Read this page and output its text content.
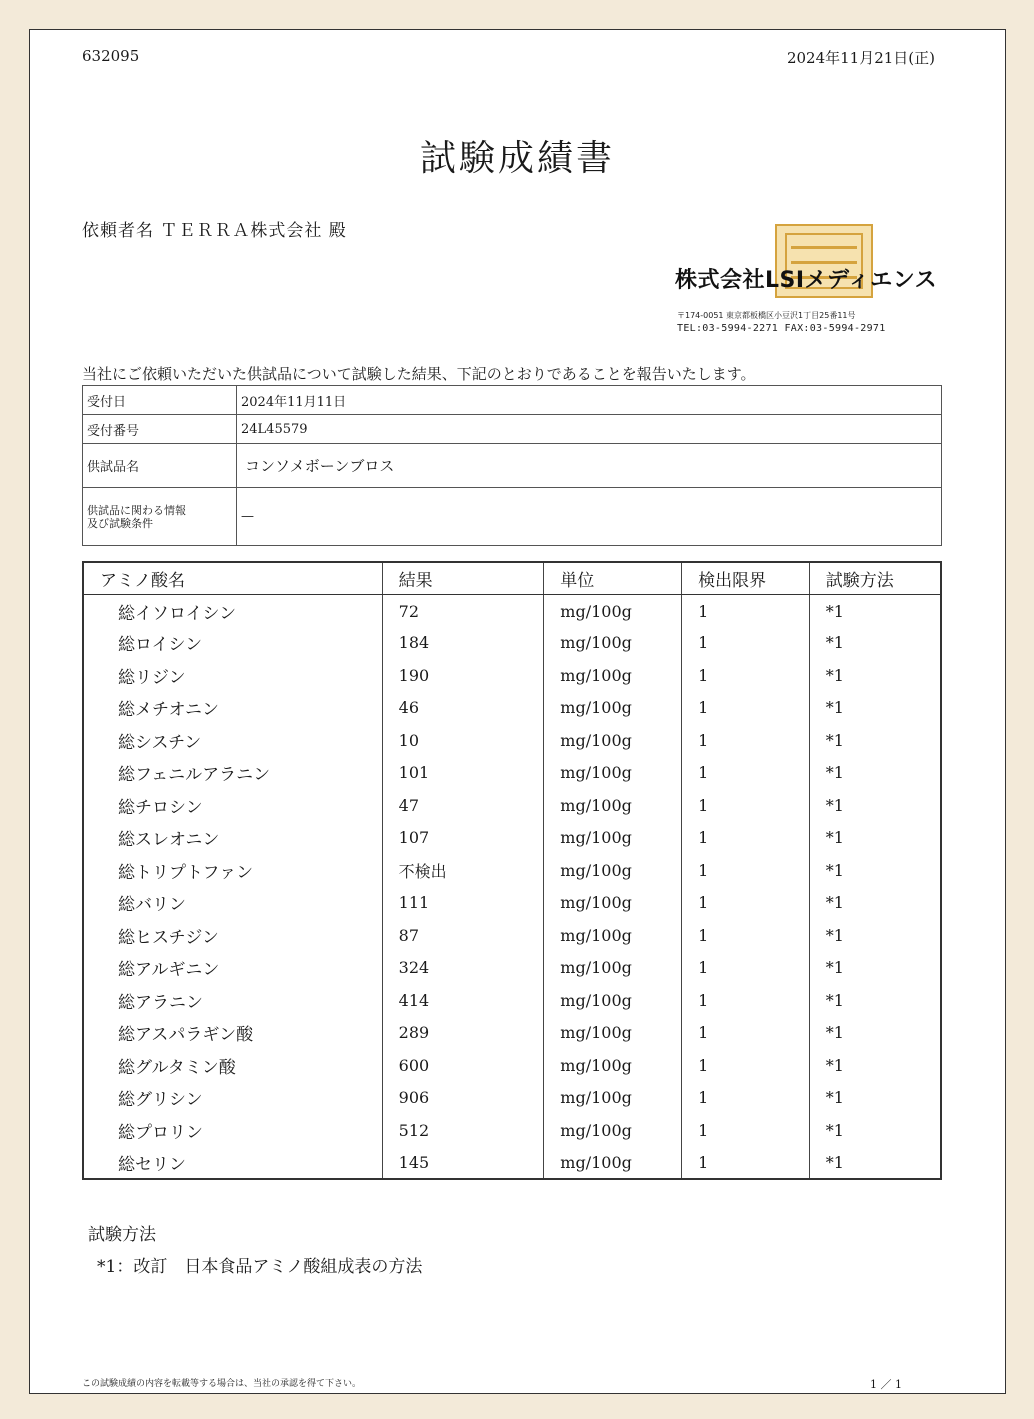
632095	2024年11月21日(正)
試験成績書
依頼者名 ＴＥＲＲＡ株式会社 殿
株式会社LSIメディエンス
〒174-0051 東京都板橋区小豆沢1丁目25番11号
TEL:03-5994-2271 FAX:03-5994-2971
当社にご依頼いただいた供試品について試験した結果、下記のとおりであることを報告いたします。
受付日	2024年11月11日
受付番号	24L45579
供試品名	コンソメボーンブロス
供試品に関わる情報
及び試験条件	—
アミノ酸名	結果	単位	検出限界	試験方法
総イソロイシン	72	mg/100g	1	*1
総ロイシン	184	mg/100g	1	*1
総リジン	190	mg/100g	1	*1
総メチオニン	46	mg/100g	1	*1
総シスチン	10	mg/100g	1	*1
総フェニルアラニン	101	mg/100g	1	*1
総チロシン	47	mg/100g	1	*1
総スレオニン	107	mg/100g	1	*1
総トリプトファン	不検出	mg/100g	1	*1
総バリン	111	mg/100g	1	*1
総ヒスチジン	87	mg/100g	1	*1
総アルギニン	324	mg/100g	1	*1
総アラニン	414	mg/100g	1	*1
総アスパラギン酸	289	mg/100g	1	*1
総グルタミン酸	600	mg/100g	1	*1
総グリシン	906	mg/100g	1	*1
総プロリン	512	mg/100g	1	*1
総セリン	145	mg/100g	1	*1
試験方法
*1：改訂　日本食品アミノ酸組成表の方法
この試験成績の内容を転載等する場合は、当社の承認を得て下さい。	1 ／ 1
